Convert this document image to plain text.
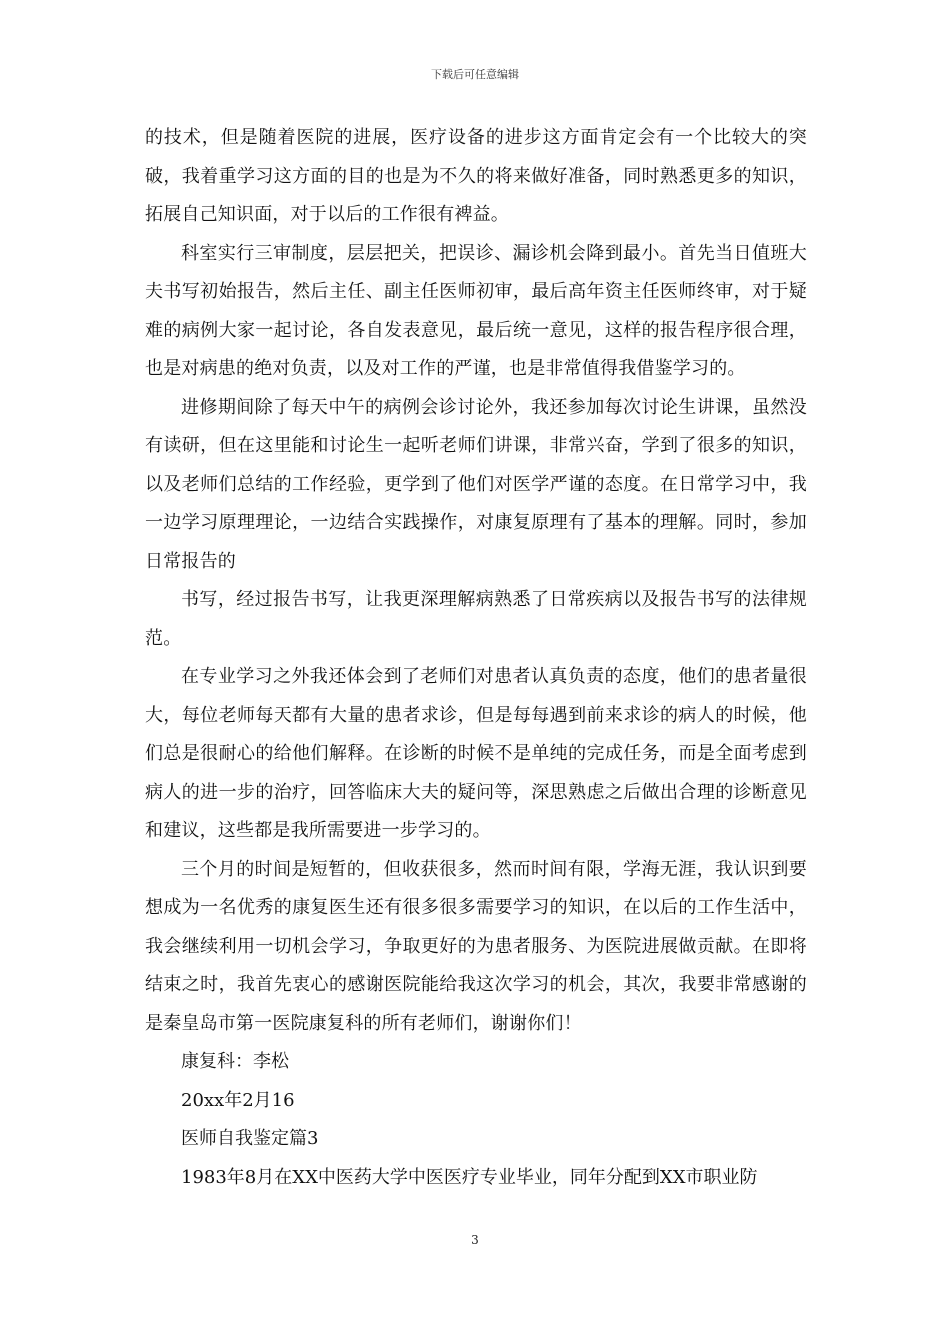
下载后可任意编辑

的技术，但是随着医院的进展，医疗设备的进步这方面肯定会有一个比较大的突破，我着重学习这方面的目的也是为不久的将来做好准备，同时熟悉更多的知识，拓展自己知识面，对于以后的工作很有裨益。

科室实行三审制度，层层把关，把误诊、漏诊机会降到最小。首先当日值班大夫书写初始报告，然后主任、副主任医师初审，最后高年资主任医师终审，对于疑难的病例大家一起讨论，各自发表意见，最后统一意见，这样的报告程序很合理，也是对病患的绝对负责，以及对工作的严谨，也是非常值得我借鉴学习的。

进修期间除了每天中午的病例会诊讨论外，我还参加每次讨论生讲课，虽然没有读研，但在这里能和讨论生一起听老师们讲课，非常兴奋，学到了很多的知识，以及老师们总结的工作经验，更学到了他们对医学严谨的态度。在日常学习中，我一边学习原理理论，一边结合实践操作，对康复原理有了基本的理解。同时，参加日常报告的

书写，经过报告书写，让我更深理解病熟悉了日常疾病以及报告书写的法律规范。

在专业学习之外我还体会到了老师们对患者认真负责的态度，他们的患者量很大，每位老师每天都有大量的患者求诊，但是每每遇到前来求诊的病人的时候，他们总是很耐心的给他们解释。在诊断的时候不是单纯的完成任务，而是全面考虑到病人的进一步的治疗，回答临床大夫的疑问等，深思熟虑之后做出合理的诊断意见和建议，这些都是我所需要进一步学习的。

三个月的时间是短暂的，但收获很多，然而时间有限，学海无涯，我认识到要想成为一名优秀的康复医生还有很多很多需要学习的知识，在以后的工作生活中，我会继续利用一切机会学习，争取更好的为患者服务、为医院进展做贡献。在即将结束之时，我首先衷心的感谢医院能给我这次学习的机会，其次，我要非常感谢的是秦皇岛市第一医院康复科的所有老师们，谢谢你们！

康复科：李松

20xx年2月16

医师自我鉴定篇3

1983年8月在XX中医药大学中医医疗专业毕业，同年分配到XX市职业防

3
